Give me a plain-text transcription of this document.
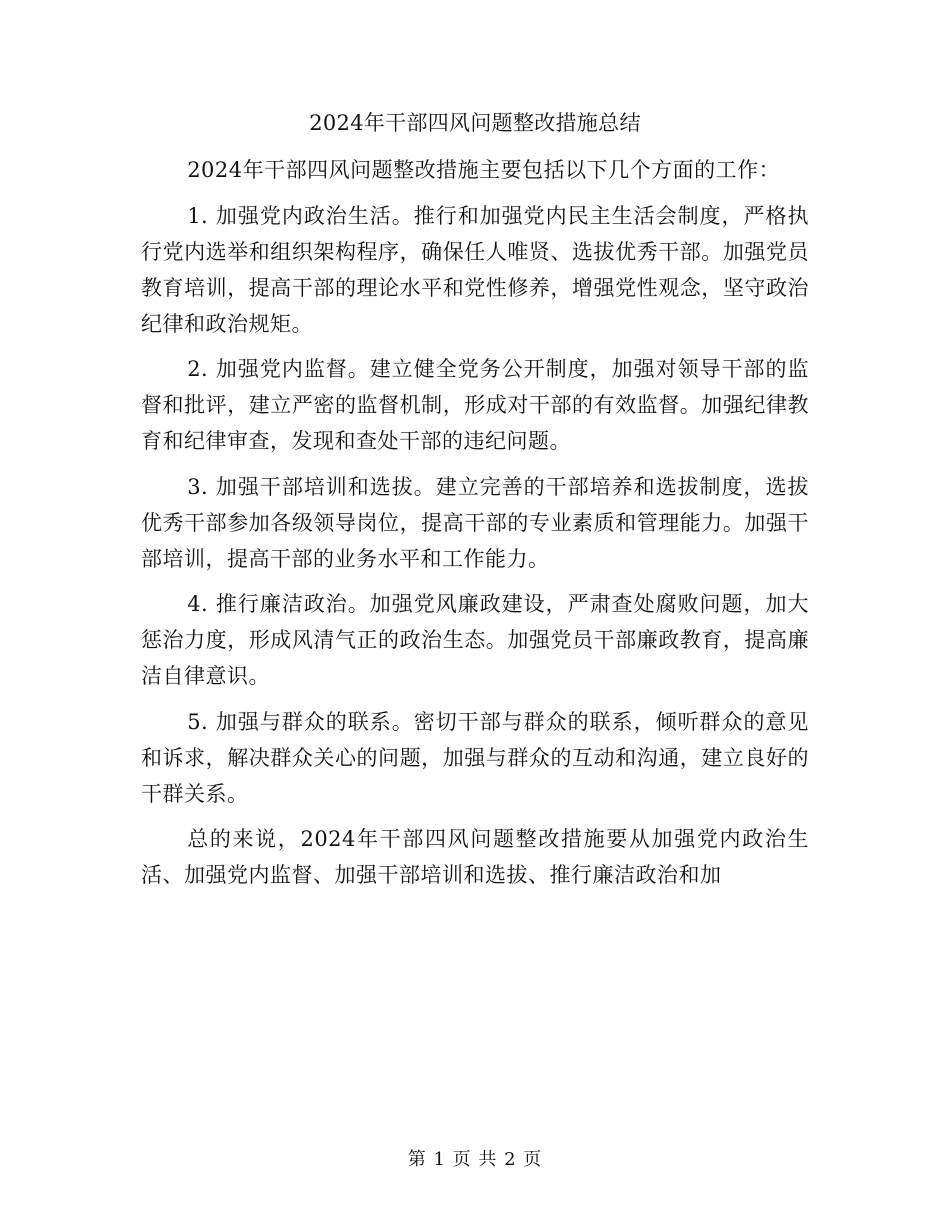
2024年干部四风问题整改措施总结

2024年干部四风问题整改措施主要包括以下几个方面的工作：

1. 加强党内政治生活。推行和加强党内民主生活会制度，严格执行党内选举和组织架构程序，确保任人唯贤、选拔优秀干部。加强党员教育培训，提高干部的理论水平和党性修养，增强党性观念，坚守政治纪律和政治规矩。

2. 加强党内监督。建立健全党务公开制度，加强对领导干部的监督和批评，建立严密的监督机制，形成对干部的有效监督。加强纪律教育和纪律审查，发现和查处干部的违纪问题。

3. 加强干部培训和选拔。建立完善的干部培养和选拔制度，选拔优秀干部参加各级领导岗位，提高干部的专业素质和管理能力。加强干部培训，提高干部的业务水平和工作能力。

4. 推行廉洁政治。加强党风廉政建设，严肃查处腐败问题，加大惩治力度，形成风清气正的政治生态。加强党员干部廉政教育，提高廉洁自律意识。

5. 加强与群众的联系。密切干部与群众的联系，倾听群众的意见和诉求，解决群众关心的问题，加强与群众的互动和沟通，建立良好的干群关系。

总的来说，2024年干部四风问题整改措施要从加强党内政治生活、加强党内监督、加强干部培训和选拔、推行廉洁政治和加

第 1 页 共 2 页
